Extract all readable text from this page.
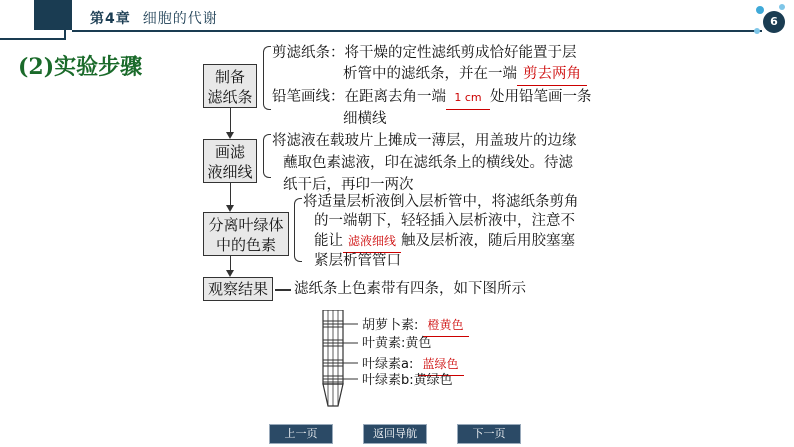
第4章 细胞的代谢	6
(2)实验步骤	制备
滤纸条
剪滤纸条：将干燥的定性滤纸剪成恰好能置于层
析管中的滤纸条，并在一端 剪去两角
铅笔画线：在距离去角一端 1 cm 处用铅笔画一条
细横线
画滤
液细线
将滤液在载玻片上摊成一薄层，用盖玻片的边缘
蘸取色素滤液，印在滤纸条上的横线处。待滤
纸干后，再印一两次
分离叶绿体
中的色素
将适量层析液倒入层析管中，将滤纸条剪角
的一端朝下，轻轻插入层析液中，注意不
能让 滤液细线 触及层析液，随后用胶塞塞
紧层析管管口
观察结果 滤纸条上色素带有四条，如下图所示
胡萝卜素: 橙黄色
叶黄素:黄色
叶绿素a: 蓝绿色
叶绿素b:黄绿色
上一页	返回导航	下一页
